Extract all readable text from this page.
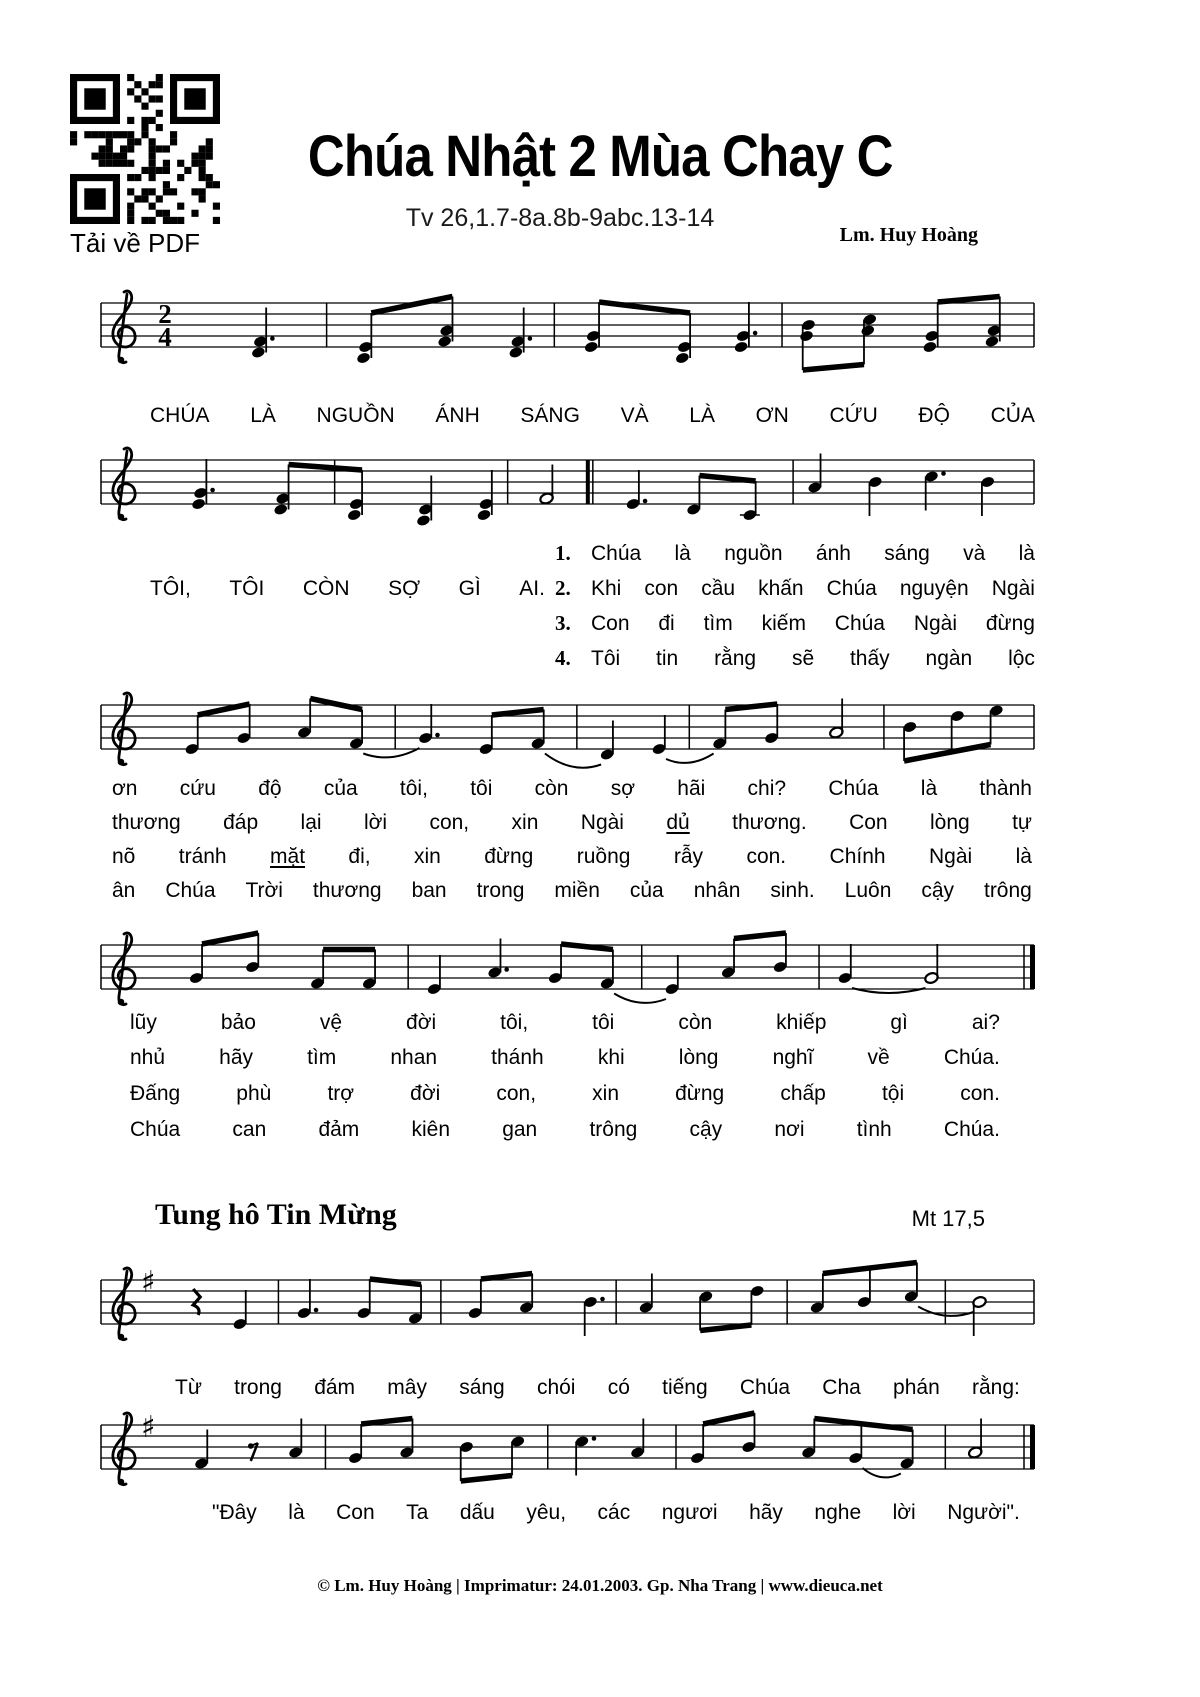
Tải về PDF
Chúa Nhật 2 Mùa Chay C
Tv 26,1.7-8a.8b-9abc.13-14
Lm. Huy Hoàng
2
4
CHÚA LÀ NGUỒN ÁNH SÁNG VÀ LÀ ƠN CỨU ĐỘ CỦA
TÔI, TÔI CÒN SỢ GÌ AI.
1. Chúa là nguồn ánh sáng và là
2. Khi con cầu khấn Chúa nguyện Ngài
3. Con đi tìm kiếm Chúa Ngài đừng
4. Tôi tin rằng sẽ thấy ngàn lộc
ơn cứu độ của tôi, tôi còn sợ hãi chi? Chúa là thành
thương đáp lại lời con, xin Ngài dủ thương. Con lòng tự
nõ tránh mặt đi, xin đừng ruồng rẫy con. Chính Ngài là
ân Chúa Trời thương ban trong miền của nhân sinh. Luôn cậy trông
lũy	bảo	vệ	đời	tôi,	tôi	còn	khiếp	gì	ai?
nhủ	hãy	tìm	nhan	thánh	khi	lòng	nghĩ	về	Chúa.
Đấng	phù	trợ	đời	con,	xin	đừng	chấp	tội	con.
Chúa can đảm kiên gan trông cậy nơi tình Chúa.
Tung hô Tin Mừng	Mt 17,5
♯
Từ trong đám mây sáng chói có tiếng Chúa Cha phán rằng:
♯
"Đây là Con Ta dấu yêu, các ngươi hãy nghe lời Người".
© Lm. Huy Hoàng | Imprimatur: 24.01.2003. Gp. Nha Trang | www.dieuca.net
